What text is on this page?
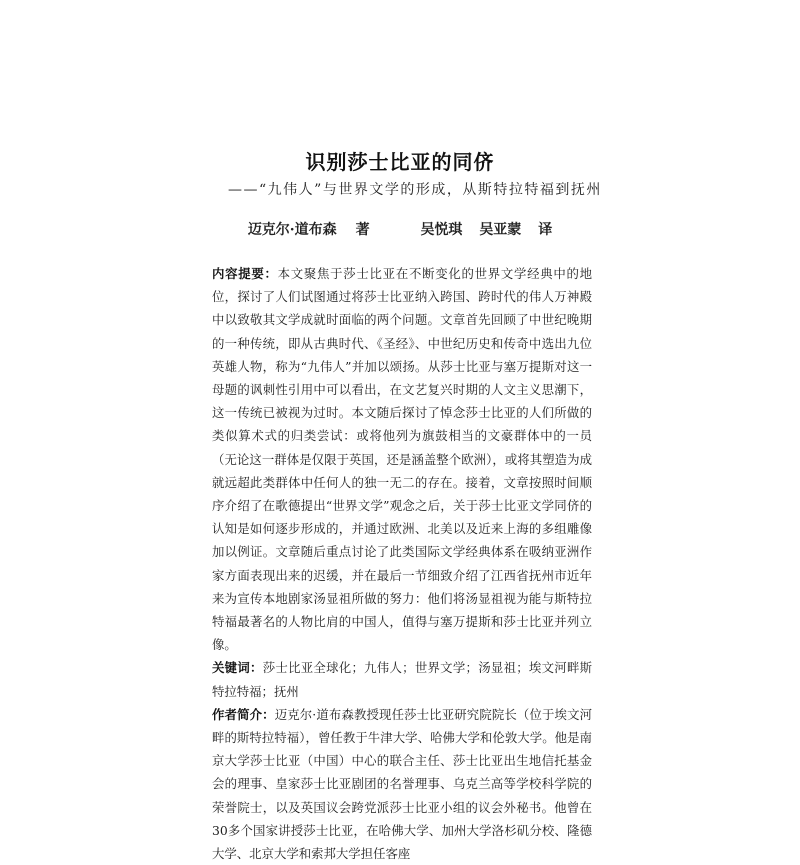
识别莎士比亚的同侪
——“九伟人”与世界文学的形成，从斯特拉特福到抚州
迈克尔·道布森 著	吴悦琪 吴亚蒙 译

内容提要：本文聚焦于莎士比亚在不断变化的世界文学经典中的地位，探讨了人们试图通过将莎士比亚纳入跨国、跨时代的伟人万神殿中以致敬其文学成就时面临的两个问题。文章首先回顾了中世纪晚期的一种传统，即从古典时代、《圣经》、中世纪历史和传奇中选出九位英雄人物，称为“九伟人”并加以颂扬。从莎士比亚与塞万提斯对这一母题的讽刺性引用中可以看出，在文艺复兴时期的人文主义思潮下，这一传统已被视为过时。本文随后探讨了悼念莎士比亚的人们所做的类似算术式的归类尝试：或将他列为旗鼓相当的文豪群体中的一员（无论这一群体是仅限于英国，还是涵盖整个欧洲），或将其塑造为成就远超此类群体中任何人的独一无二的存在。接着，文章按照时间顺序介绍了在歌德提出“世界文学”观念之后，关于莎士比亚文学同侪的认知是如何逐步形成的，并通过欧洲、北美以及近来上海的多组雕像加以例证。文章随后重点讨论了此类国际文学经典体系在吸纳亚洲作家方面表现出来的迟缓，并在最后一节细致介绍了江西省抚州市近年来为宣传本地剧家汤显祖所做的努力：他们将汤显祖视为能与斯特拉特福最著名的人物比肩的中国人，值得与塞万提斯和莎士比亚并列立像。

关键词：莎士比亚全球化；九伟人；世界文学；汤显祖；埃文河畔斯特拉特福；抚州

作者简介：迈克尔·道布森教授现任莎士比亚研究院院长（位于埃文河畔的斯特拉特福），曾任教于牛津大学、哈佛大学和伦敦大学。他是南京大学莎士比亚（中国）中心的联合主任、莎士比亚出生地信托基金会的理事、皇家莎士比亚剧团的名誉理事、乌克兰高等学校科学院的荣誉院士，以及英国议会跨党派莎士比亚小组的议会外秘书。他曾在30多个国家讲授莎士比亚，在哈佛大学、加州大学洛杉矶分校、隆德大学、北京大学和索邦大学担任客座
